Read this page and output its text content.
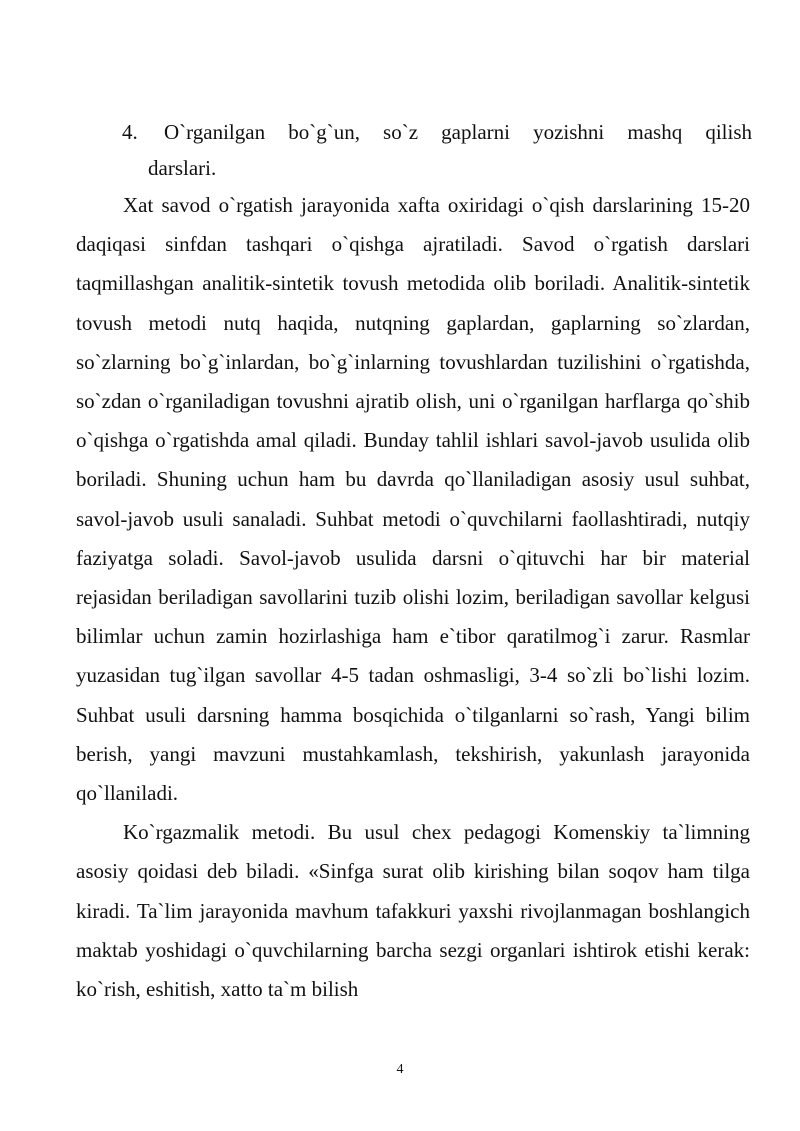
4.	O`rganilgan bo`g`un, so`z gaplarni yozishni mashq qilish
darslari.

Xat savod o`rgatish jarayonida xafta oxiridagi o`qish darslarining 15-20 daqiqasi sinfdan tashqari o`qishga ajratiladi. Savod o`rgatish darslari taqmillashgan analitik-sintetik tovush metodida olib boriladi. Analitik-sintetik tovush metodi nutq haqida, nutqning gaplardan, gaplarning so`zlardan, so`zlarning bo`g`inlardan, bo`g`inlarning tovushlardan tuzilishini o`rgatishda, so`zdan o`rganiladigan tovushni ajratib olish, uni o`rganilgan harflarga qo`shib o`qishga o`rgatishda amal qiladi. Bunday tahlil ishlari savol-javob usulida olib boriladi. Shuning uchun ham bu davrda qo`llaniladigan asosiy usul suhbat, savol-javob usuli sanaladi. Suhbat metodi o`quvchilarni faollashtiradi, nutqiy faziyatga soladi. Savol-javob usulida darsni o`qituvchi har bir material rejasidan beriladigan savollarini tuzib olishi lozim, beriladigan savollar kelgusi bilimlar uchun zamin hozirlashiga ham e`tibor qaratilmog`i zarur. Rasmlar yuzasidan tug`ilgan savollar 4-5 tadan oshmasligi, 3-4 so`zli bo`lishi lozim. Suhbat usuli darsning hamma bosqichida o`tilganlarni so`rash, Yangi bilim berish, yangi mavzuni mustahkamlash, tekshirish, yakunlash jarayonida qo`llaniladi.

Ko`rgazmalik metodi. Bu usul chex pedagogi Komenskiy ta`limning asosiy qoidasi deb biladi. «Sinfga surat olib kirishing bilan soqov ham tilga kiradi. Ta`lim jarayonida mavhum tafakkuri yaxshi rivojlanmagan boshlangich maktab yoshidagi o`quvchilarning barcha sezgi organlari ishtirok etishi kerak: ko`rish, eshitish, xatto ta`m bilish

4
